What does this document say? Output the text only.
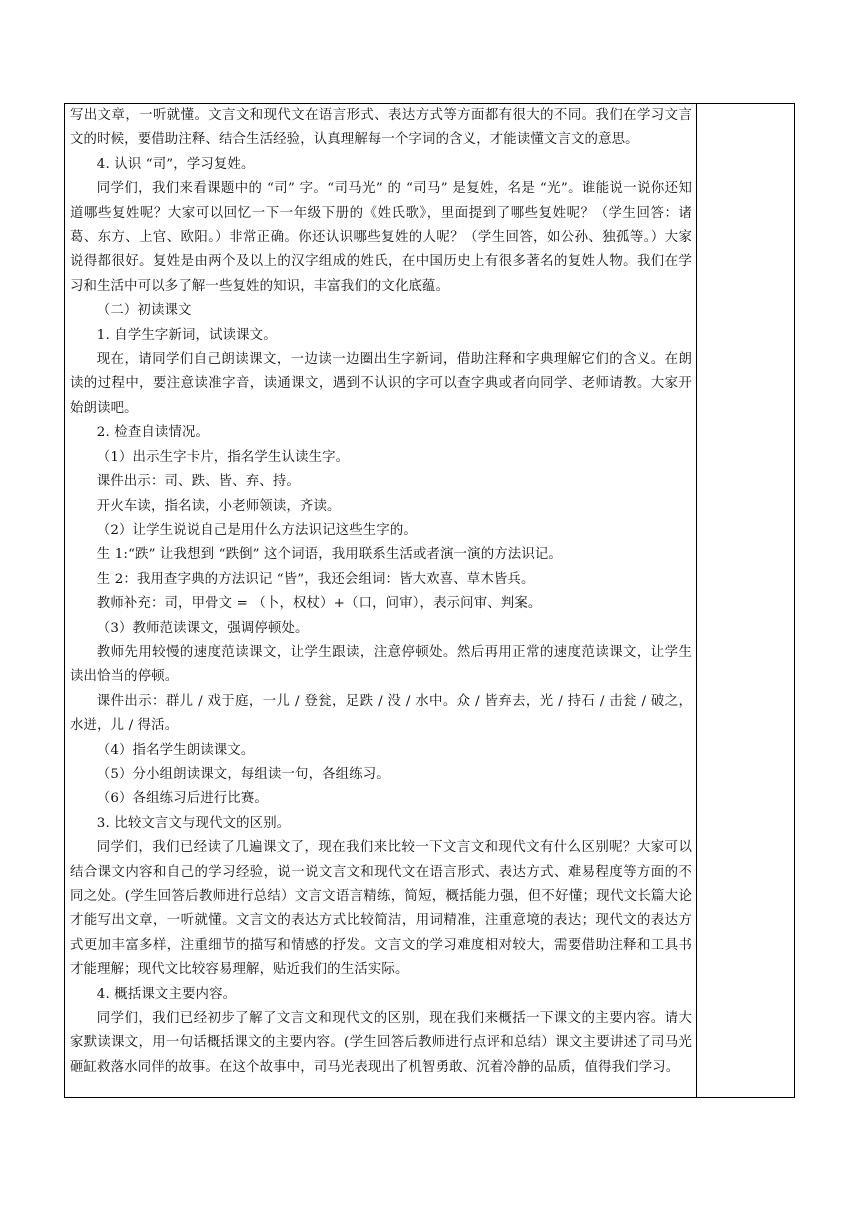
写出文章，一听就懂。文言文和现代文在语言形式、表达方式等方面都有很大的不同。我们在学习文言文的时候，要借助注释、结合生活经验，认真理解每一个字词的含义，才能读懂文言文的意思。

4. 认识 “司”，学习复姓。

同学们，我们来看课题中的 “司” 字。“司马光” 的 “司马” 是复姓，名是 “光”。谁能说一说你还知道哪些复姓呢？大家可以回忆一下一年级下册的《姓氏歌》，里面提到了哪些复姓呢？（学生回答：诸葛、东方、上官、欧阳。）非常正确。你还认识哪些复姓的人呢？（学生回答，如公孙、独孤等。）大家说得都很好。复姓是由两个及以上的汉字组成的姓氏，在中国历史上有很多著名的复姓人物。我们在学习和生活中可以多了解一些复姓的知识，丰富我们的文化底蕴。

（二）初读课文

1. 自学生字新词，试读课文。

现在，请同学们自己朗读课文，一边读一边圈出生字新词，借助注释和字典理解它们的含义。在朗读的过程中，要注意读准字音，读通课文，遇到不认识的字可以查字典或者向同学、老师请教。大家开始朗读吧。

2. 检查自读情况。

（1）出示生字卡片，指名学生认读生字。

课件出示：司、跌、皆、弃、持。

开火车读，指名读，小老师领读，齐读。

（2）让学生说说自己是用什么方法识记这些生字的。

生 1:“跌” 让我想到 “跌倒” 这个词语，我用联系生活或者演一演的方法识记。

生 2：我用查字典的方法识记 “皆”，我还会组词：皆大欢喜、草木皆兵。

教师补充：司，甲骨文 = （卜，权杖）+（口，问审），表示问审、判案。

（3）教师范读课文，强调停顿处。

教师先用较慢的速度范读课文，让学生跟读，注意停顿处。然后再用正常的速度范读课文，让学生读出恰当的停顿。

课件出示：群儿 / 戏于庭，一儿 / 登瓮，足跌 / 没 / 水中。众 / 皆弃去，光 / 持石 / 击瓮 / 破之，水迸，儿 / 得活。

（4）指名学生朗读课文。

（5）分小组朗读课文，每组读一句，各组练习。

（6）各组练习后进行比赛。

3. 比较文言文与现代文的区别。

同学们，我们已经读了几遍课文了，现在我们来比较一下文言文和现代文有什么区别呢？大家可以结合课文内容和自己的学习经验，说一说文言文和现代文在语言形式、表达方式、难易程度等方面的不同之处。(学生回答后教师进行总结）文言文语言精练，简短，概括能力强，但不好懂；现代文长篇大论才能写出文章，一听就懂。文言文的表达方式比较简洁，用词精准，注重意境的表达；现代文的表达方式更加丰富多样，注重细节的描写和情感的抒发。文言文的学习难度相对较大，需要借助注释和工具书才能理解；现代文比较容易理解，贴近我们的生活实际。

4. 概括课文主要内容。

同学们，我们已经初步了解了文言文和现代文的区别，现在我们来概括一下课文的主要内容。请大家默读课文，用一句话概括课文的主要内容。(学生回答后教师进行点评和总结）课文主要讲述了司马光砸缸救落水同伴的故事。在这个故事中，司马光表现出了机智勇敢、沉着冷静的品质，值得我们学习。
